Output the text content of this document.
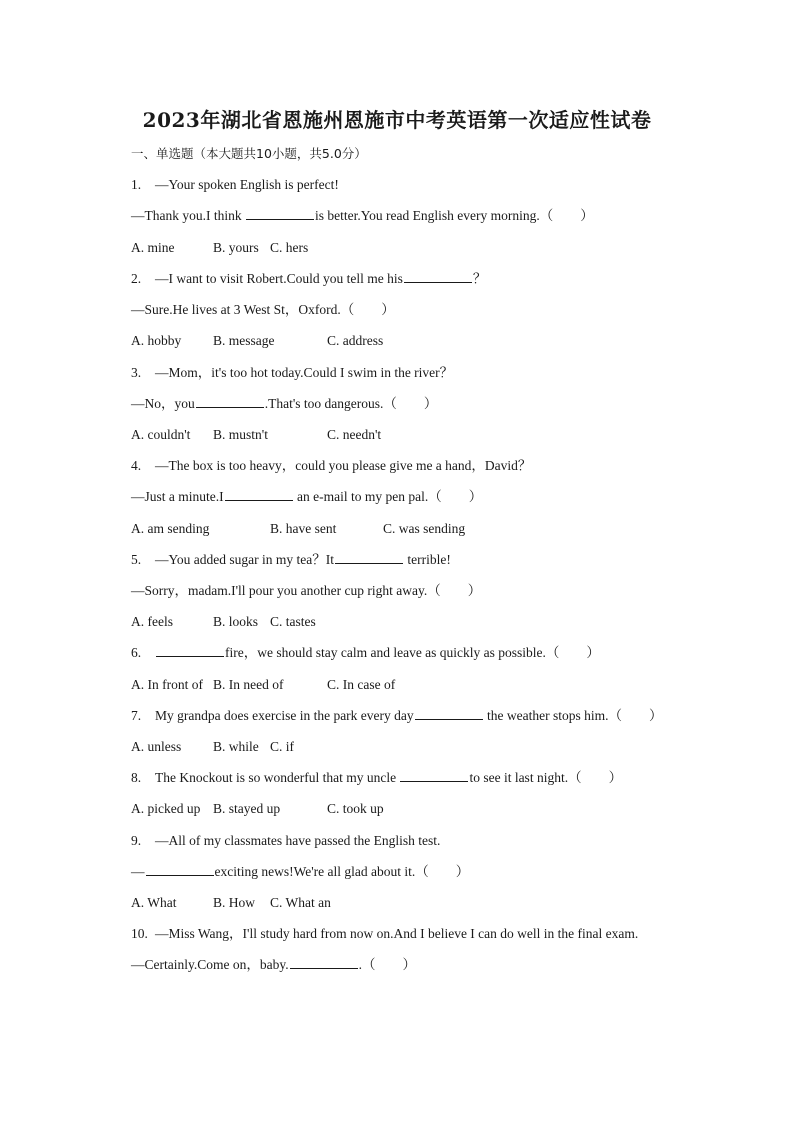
2023年湖北省恩施州恩施市中考英语第一次适应性试卷

一、单选题（本大题共10小题，共5.0分）

1. —Your spoken English is perfect!
—Thank you.I think	is better.You read English every morning.（　　）
A. mine	B. yours C. hers
2. —I want to visit Robert.Could you tell me his	？
—Sure.He lives at 3 West St，Oxford.（　　）
A. hobby B. message	C. address
3. —Mom，it's too hot today.Could I swim in the river？
—No，you	.That's too dangerous.（　　）
A. couldn't B. mustn't	C. needn't
4. —The box is too heavy，could you please give me a hand，David？
—Just a minute.I	an e-mail to my pen pal.（　　）
A. am sending	B. have sent	C. was sending
5. —You added sugar in my tea？It	terrible!
—Sorry，madam.I'll pour you another cup right away.（　　）
A. feels	B. looks C. tastes
6.	fire，we should stay calm and leave as quickly as possible.（　　）
A. In front of B. In need of	C. In case of
7. My grandpa does exercise in the park every day	the weather stops him.（　　）
A. unless B. while C. if
8. The Knockout is so wonderful that my uncle	to see it last night.（　　）
A. picked up B. stayed up	C. took up
9. —All of my classmates have passed the English test.
—	exciting news!We're all glad about it.（　　）
A. What	B. How C. What an
10. —Miss Wang，I'll study hard from now on.And I believe I can do well in the final exam.
—Certainly.Come on，baby.	.（　　）
